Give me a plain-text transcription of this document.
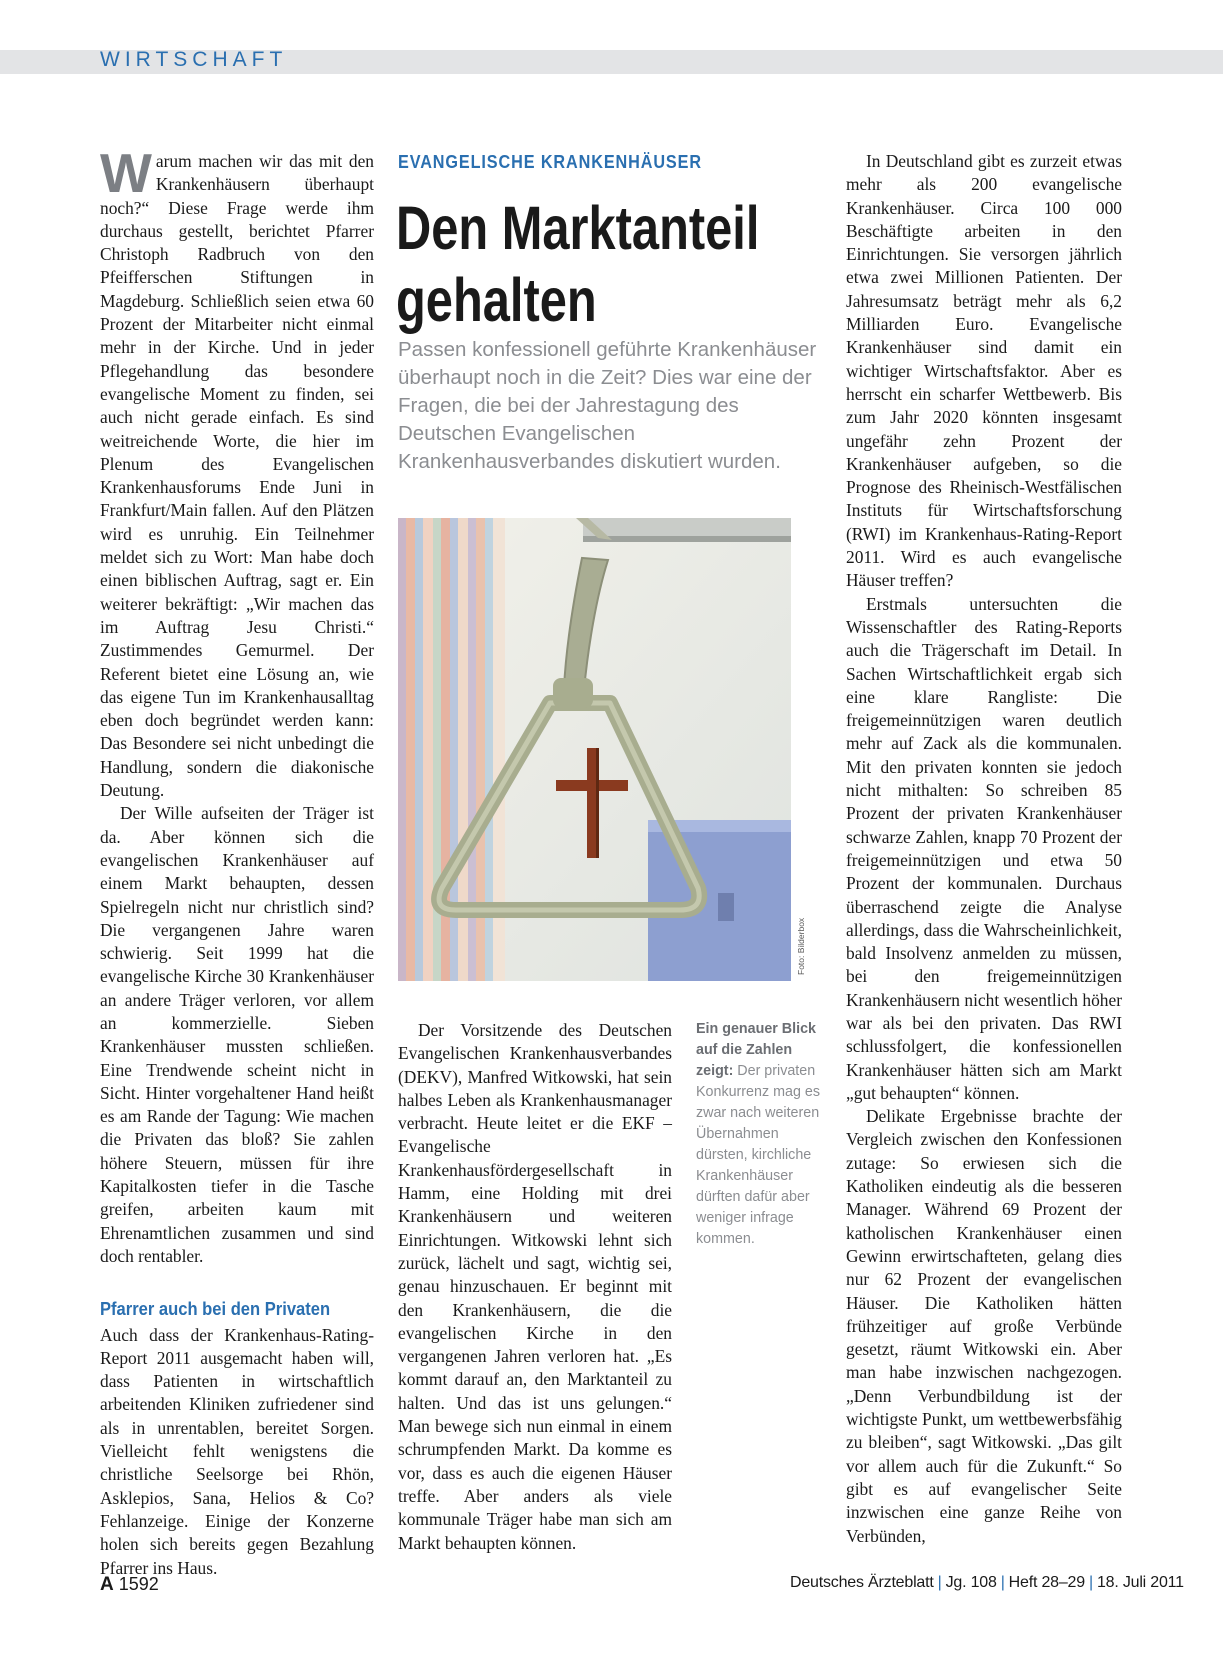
WIRTSCHAFT

Warum machen wir das mit den Krankenhäusern überhaupt noch?“ Diese Frage werde ihm durchaus gestellt, berichtet Pfarrer Christoph Radbruch von den Pfeifferschen Stiftungen in Magdeburg. Schließlich seien etwa 60 Prozent der Mitarbeiter nicht einmal mehr in der Kirche. Und in jeder Pflegehandlung das besondere evangelische Moment zu finden, sei auch nicht gerade einfach. Es sind weitreichende Worte, die hier im Plenum des Evangelischen Krankenhausforums Ende Juni in Frankfurt/Main fallen. Auf den Plätzen wird es unruhig. Ein Teilnehmer meldet sich zu Wort: Man habe doch einen biblischen Auftrag, sagt er. Ein weiterer bekräftigt: „Wir machen das im Auftrag Jesu Christi.“ Zustimmendes Gemurmel. Der Referent bietet eine Lösung an, wie das eigene Tun im Krankenhausalltag eben doch begründet werden kann: Das Besondere sei nicht unbedingt die Handlung, sondern die diakonische Deutung.

Der Wille aufseiten der Träger ist da. Aber können sich die evangelischen Krankenhäuser auf einem Markt behaupten, dessen Spielregeln nicht nur christlich sind? Die vergangenen Jahre waren schwierig. Seit 1999 hat die evangelische Kirche 30 Krankenhäuser an andere Träger verloren, vor allem an kommerzielle. Sieben Krankenhäuser mussten schließen. Eine Trendwende scheint nicht in Sicht. Hinter vorgehaltener Hand heißt es am Rande der Tagung: Wie machen die Privaten das bloß? Sie zahlen höhere Steuern, müssen für ihre Kapitalkosten tiefer in die Tasche greifen, arbeiten kaum mit Ehrenamtlichen zusammen und sind doch rentabler.

Pfarrer auch bei den Privaten

Auch dass der Krankenhaus-Rating-Report 2011 ausgemacht haben will, dass Patienten in wirtschaftlich arbeitenden Kliniken zufriedener sind als in unrentablen, bereitet Sorgen. Vielleicht fehlt wenigstens die christliche Seelsorge bei Rhön, Asklepios, Sana, Helios & Co? Fehlanzeige. Einige der Konzerne holen sich bereits gegen Bezahlung Pfarrer ins Haus.

EVANGELISCHE KRANKENHÄUSER
Den Marktanteil
gehalten
Passen konfessionell geführte Krankenhäuser überhaupt noch in die Zeit? Dies war eine der Fragen, die bei der Jahrestagung des Deutschen Evangelischen Krankenhausverbandes diskutiert wurden.
Foto: Bilderbox

Der Vorsitzende des Deutschen Evangelischen Krankenhausverbandes (DEKV), Manfred Witkowski, hat sein halbes Leben als Krankenhausmanager verbracht. Heute leitet er die EKF – Evangelische Krankenhausfördergesellschaft in Hamm, eine Holding mit drei Krankenhäusern und weiteren Einrichtungen. Witkowski lehnt sich zurück, lächelt und sagt, wichtig sei, genau hinzuschauen. Er beginnt mit den Krankenhäusern, die die evangelischen Kirche in den vergangenen Jahren verloren hat. „Es kommt darauf an, den Marktanteil zu halten. Und das ist uns gelungen.“ Man bewege sich nun einmal in einem schrumpfenden Markt. Da komme es vor, dass es auch die eigenen Häuser treffe. Aber anders als viele kommunale Träger habe man sich am Markt behaupten können.

Ein genauer Blick auf die Zahlen zeigt: Der privaten Konkurrenz mag es zwar nach weiteren Übernahmen dürsten, kirchliche Krankenhäuser dürften dafür aber weniger infrage kommen.

In Deutschland gibt es zurzeit etwas mehr als 200 evangelische Krankenhäuser. Circa 100 000 Beschäftigte arbeiten in den Einrichtungen. Sie versorgen jährlich etwa zwei Millionen Patienten. Der Jahresumsatz beträgt mehr als 6,2 Milliarden Euro. Evangelische Krankenhäuser sind damit ein wichtiger Wirtschaftsfaktor. Aber es herrscht ein scharfer Wettbewerb. Bis zum Jahr 2020 könnten insgesamt ungefähr zehn Prozent der Krankenhäuser aufgeben, so die Prognose des Rheinisch-Westfälischen Instituts für Wirtschaftsforschung (RWI) im Krankenhaus-Rating-Report 2011. Wird es auch evangelische Häuser treffen?

Erstmals untersuchten die Wissenschaftler des Rating-Reports auch die Trägerschaft im Detail. In Sachen Wirtschaftlichkeit ergab sich eine klare Rangliste: Die freigemeinnützigen waren deutlich mehr auf Zack als die kommunalen. Mit den privaten konnten sie jedoch nicht mithalten: So schreiben 85 Prozent der privaten Krankenhäuser schwarze Zahlen, knapp 70 Prozent der freigemeinnützigen und etwa 50 Prozent der kommunalen. Durchaus überraschend zeigte die Analyse allerdings, dass die Wahrscheinlichkeit, bald Insolvenz anmelden zu müssen, bei den freigemeinnützigen Krankenhäusern nicht wesentlich höher war als bei den privaten. Das RWI schlussfolgert, die konfessionellen Krankenhäuser hätten sich am Markt „gut behaupten“ können.

Delikate Ergebnisse brachte der Vergleich zwischen den Konfessionen zutage: So erwiesen sich die Katholiken eindeutig als die besseren Manager. Während 69 Prozent der katholischen Krankenhäuser einen Gewinn erwirtschafteten, gelang dies nur 62 Prozent der evangelischen Häuser. Die Katholiken hätten frühzeitiger auf große Verbünde gesetzt, räumt Witkowski ein. Aber man habe inzwischen nachgezogen. „Denn Verbundbildung ist der wichtigste Punkt, um wettbewerbsfähig zu bleiben“, sagt Witkowski. „Das gilt vor allem auch für die Zukunft.“ So gibt es auf evangelischer Seite inzwischen eine ganze Reihe von Verbünden,

A 1592	Deutsches Ärzteblatt | Jg. 108 | Heft 28–29 | 18. Juli 2011
